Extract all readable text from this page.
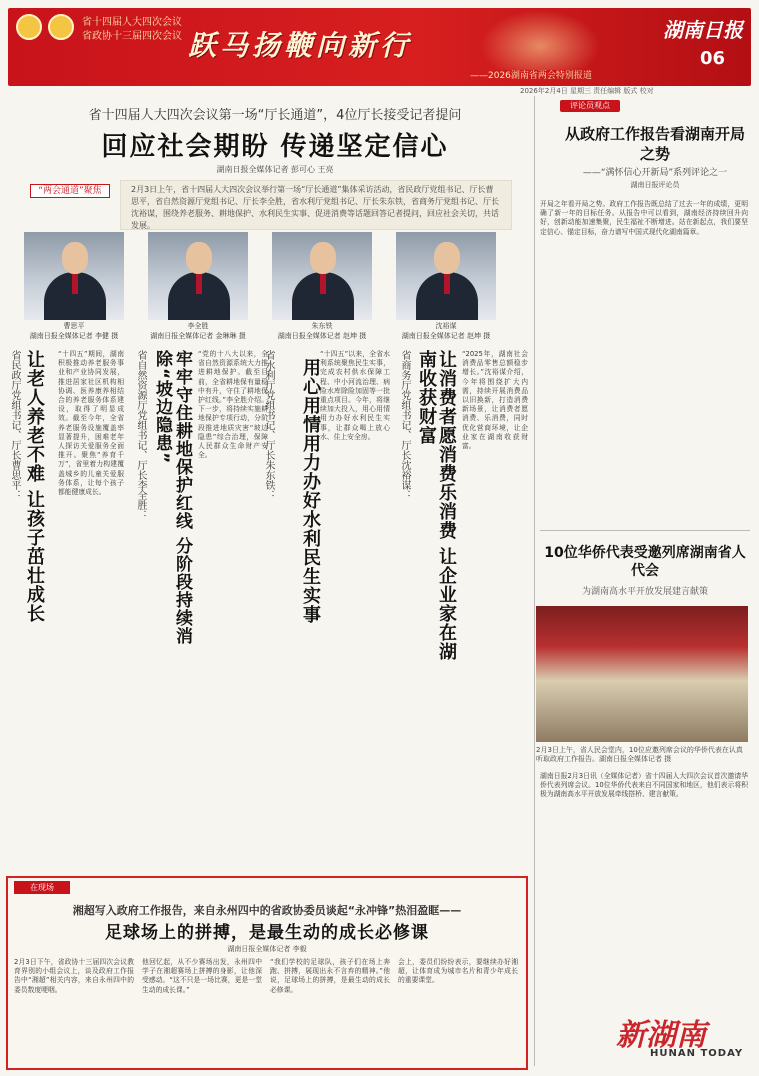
省十四届人大四次会议
省政协十三届四次会议 跃马扬鞭向新行	湖南日报
06
——2026湖南省两会特别报道
2026年2月4日 星期三 责任编辑 版式 校对
省十四届人大四次会议第一场“厅长通道”，4位厅长接受记者提问
回应社会期盼 传递坚定信心
湖南日报全媒体记者 彭可心 王亮
“两会通道”聚焦	2月3日上午，省十四届人大四次会议举行第一场“厅长通道”集体采访活动，省民政厅党组书记、厅长曹思平，省自然资源厅党组书记、厅长李全胜，省水利厅党组书记、厅长朱东铁，省商务厅党组书记、厅长沈裕谋，围绕养老服务、耕地保护、水利民生实事、促进消费等话题回答记者提问，回应社会关切，共话发展。
曹思平
湖南日报全媒体记者 李健 摄
李全胜
湖南日报全媒体记者 金琳琳 摄
朱东铁
湖南日报全媒体记者 赵坤 摄
沈裕谋
湖南日报全媒体记者 赵坤 摄
省民政厅党组书记、厅长曹思平： 让老人养老不难 让孩子茁壮成长 “十四五”期间，湖南积极推动养老服务事业和产业协同发展，推进居家社区机构相协调、医养康养相结合的养老服务体系建设，取得了明显成效。截至今年，全省养老服务设施覆盖率显著提升，困难老年人探访关爱服务全面推开。聚焦“养育千万”，省里着力构建覆盖城乡的儿童关爱服务体系，让每个孩子都能健康成长。	省自然资源厅党组书记、厅长李全胜：	牢牢守住耕地保护红线 分阶段持续消除“坡边隐患”	“党的十八大以来，全省自然资源系统大力推进耕地保护。截至目前，全省耕地保有量稳中有升，守住了耕地保护红线。”李全胜介绍。下一步，将持续实施耕地保护专项行动，分阶段推进地质灾害“坡边隐患”综合治理，保障人民群众生命财产安全。	省水利厅党组书记、厅长朱东铁：	用心用情用力办好水利民生实事
“十四五”以来，全省水利系统聚焦民生实事，完成农村供水保障工程、中小河流治理、病险水库除险加固等一批重点项目。今年，将继续加大投入，用心用情用力办好水利民生实事，让群众喝上放心水、住上安全房。	省商务厅党组书记、厅长沈裕谋：	让消费者愿消费乐消费 让企业家在湖南收获财富	“2025年，湖南社会消费品零售总额稳步增长。”沈裕谋介绍，今年将围绕扩大内需，持续开展消费品以旧换新，打造消费新场景，让消费者愿消费、乐消费，同时优化营商环境，让企业家在湖南收获财富。
评论员观点
从政府工作报告看湖南开局之势
——“满怀信心开新局”系列评论之一
湖南日报评论员
开局之年看开局之势。政府工作报告既总结了过去一年的成绩，更明确了新一年的目标任务。从报告中可以看到，湖南经济持续回升向好，创新动能加速集聚，民生福祉不断增进。站在新起点，我们要坚定信心、锚定目标，奋力谱写中国式现代化湖南篇章。
10位华侨代表受邀列席湖南省人代会
为湖南高水平开放发展建言献策
2月3日上午，省人民会堂内，10位应邀列席会议的华侨代表在认真听取政府工作报告。湖南日报全媒体记者 摄
湖南日报2月3日讯（全媒体记者）省十四届人大四次会议首次邀请华侨代表列席会议。10位华侨代表来自不同国家和地区，他们表示将积极为湖南高水平开放发展牵线搭桥、建言献策。
在现场
湘超写入政府工作报告，来自永州四中的省政协委员谈起“永冲锋”热泪盈眶——
足球场上的拼搏，是最生动的成长必修课
湖南日报全媒体记者 李毅
2月3日下午，省政协十三届四次会议教育界别的小组会议上，谈及政府工作报告中“湘超”相关内容，来自永州四中的委员数度哽咽。
他回忆起，从不少赛场出发，永州四中学子在湘超赛场上拼搏的身影，让他深受感动。“这不只是一场比赛，更是一堂生动的成长课。”
“我们学校的足球队，孩子们在场上奔跑、拼搏，展现出永不言弃的精神。”他说，足球场上的拼搏，是最生动的成长必修课。
会上，委员们纷纷表示，要继续办好湘超，让体育成为城市名片和青少年成长的重要课堂。
新湖南
HUNAN TODAY
